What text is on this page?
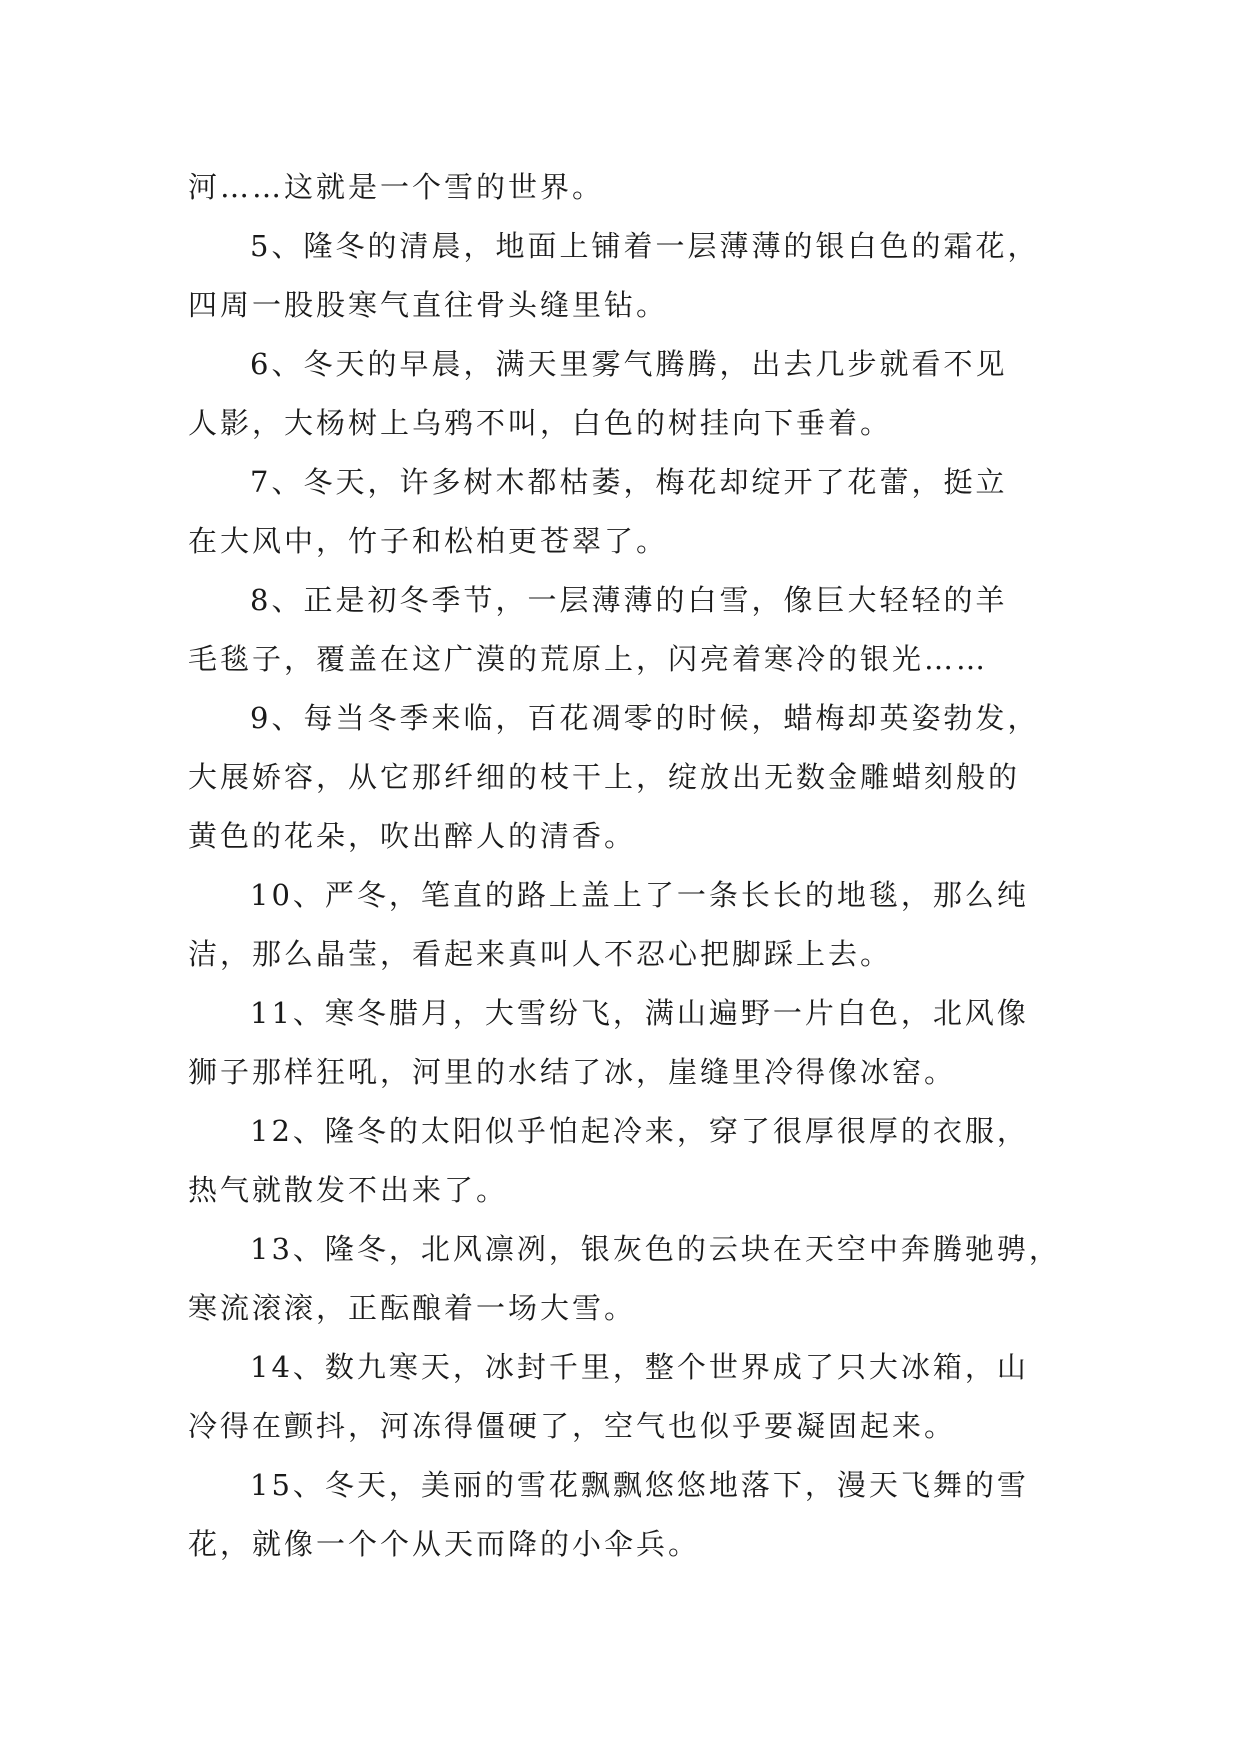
河……这就是一个雪的世界。
5、隆冬的清晨，地面上铺着一层薄薄的银白色的霜花，
四周一股股寒气直往骨头缝里钻。
6、冬天的早晨，满天里雾气腾腾，出去几步就看不见
人影，大杨树上乌鸦不叫，白色的树挂向下垂着。
7、冬天，许多树木都枯萎，梅花却绽开了花蕾，挺立
在大风中，竹子和松柏更苍翠了。
8、正是初冬季节，一层薄薄的白雪，像巨大轻轻的羊
毛毯子，覆盖在这广漠的荒原上，闪亮着寒冷的银光……
9、每当冬季来临，百花凋零的时候，蜡梅却英姿勃发，
大展娇容，从它那纤细的枝干上，绽放出无数金雕蜡刻般的
黄色的花朵，吹出醉人的清香。
10、严冬，笔直的路上盖上了一条长长的地毯，那么纯
洁，那么晶莹，看起来真叫人不忍心把脚踩上去。
11、寒冬腊月，大雪纷飞，满山遍野一片白色，北风像
狮子那样狂吼，河里的水结了冰，崖缝里冷得像冰窑。
12、隆冬的太阳似乎怕起冷来，穿了很厚很厚的衣服，
热气就散发不出来了。
13、隆冬，北风凛冽，银灰色的云块在天空中奔腾驰骋，
寒流滚滚，正酝酿着一场大雪。
14、数九寒天，冰封千里，整个世界成了只大冰箱，山
冷得在颤抖，河冻得僵硬了，空气也似乎要凝固起来。
15、冬天，美丽的雪花飘飘悠悠地落下，漫天飞舞的雪
花，就像一个个从天而降的小伞兵。
